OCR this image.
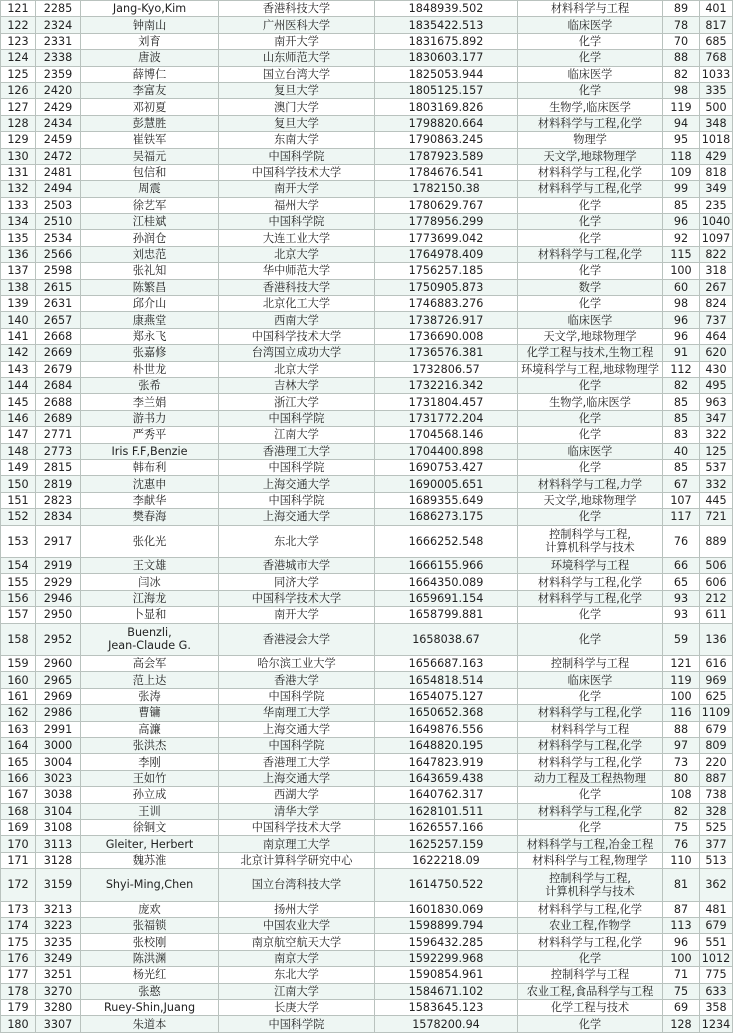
121	2285	Jang-Kyo,Kim	香港科技大学	1848939.502	材料科学与工程	89	401
122	2324	钟南山	广州医科大学	1835422.513	临床医学	78	817
123	2331	刘育	南开大学	1831675.892	化学	70	685
124	2338	唐波	山东师范大学	1830603.177	化学	88	768
125	2359	薛博仁	国立台湾大学	1825053.944	临床医学	82	1033
126	2420	李富友	复旦大学	1805125.157	化学	98	335
127	2429	邓初夏	澳门大学	1803169.826	生物学,临床医学	119	500
128	2434	彭慧胜	复旦大学	1798820.664	材料科学与工程,化学	94	348
129	2459	崔铁军	东南大学	1790863.245	物理学	95	1018
130	2472	吴福元	中国科学院	1787923.589	天文学,地球物理学	118	429
131	2481	包信和	中国科学技术大学	1784676.541	材料科学与工程,化学	109	818
132	2494	周震	南开大学	1782150.38	材料科学与工程,化学	99	349
133	2503	徐艺军	福州大学	1780629.767	化学	85	235
134	2510	江桂斌	中国科学院	1778956.299	化学	96	1040
135	2534	孙润仓	大连工业大学	1773699.042	化学	92	1097
136	2566	刘忠范	北京大学	1764978.409	材料科学与工程,化学	115	822
137	2598	张礼知	华中师范大学	1756257.185	化学	100	318
138	2615	陈繁昌	香港科技大学	1750905.873	数学	60	267
139	2631	邱介山	北京化工大学	1746883.276	化学	98	824
140	2657	康燕堂	西南大学	1738726.917	临床医学	96	737
141	2668	郑永飞	中国科学技术大学	1736690.008	天文学,地球物理学	96	464
142	2669	张嘉修	台湾国立成功大学	1736576.381	化学工程与技术,生物工程	91	620
143	2679	朴世龙	北京大学	1732806.57	环境科学与工程,地球物理学	112	430
144	2684	张希	吉林大学	1732216.342	化学	82	495
145	2688	李兰娟	浙江大学	1731804.457	生物学,临床医学	85	963
146	2689	游书力	中国科学院	1731772.204	化学	85	347
147	2771	严秀平	江南大学	1704568.146	化学	83	322
148	2773	Iris F.F,Benzie	香港理工大学	1704400.898	临床医学	40	125
149	2815	韩布利	中国科学院	1690753.427	化学	85	537
150	2819	沈惠申	上海交通大学	1690005.651	材料科学与工程,力学	67	332
151	2823	李献华	中国科学院	1689355.649	天文学,地球物理学	107	445
152	2834	樊春海	上海交通大学	1686273.175	化学	117	721
153	2917	张化光	东北大学	1666252.548	控制科学与工程,
计算机科学与技术	76	889
154	2919	王文雄	香港城市大学	1666155.966	环境科学与工程	66	506
155	2929	闫冰	同济大学	1664350.089	材料科学与工程,化学	65	606
156	2946	江海龙	中国科学技术大学	1659691.154	材料科学与工程,化学	93	212
157	2950	卜显和	南开大学	1658799.881	化学	93	611
158	2952	Buenzli,
Jean-Claude G.	香港浸会大学	1658038.67	化学	59	136
159	2960	高会军	哈尔滨工业大学	1656687.163	控制科学与工程	121	616
160	2965	范上达	香港大学	1654818.514	临床医学	119	969
161	2969	张涛	中国科学院	1654075.127	化学	100	625
162	2986	曹镛	华南理工大学	1650652.368	材料科学与工程,化学	116	1109
163	2991	高濂	上海交通大学	1649876.556	材料科学与工程	88	679
164	3000	张洪杰	中国科学院	1648820.195	材料科学与工程,化学	97	809
165	3004	李刚	香港理工大学	1647823.919	材料科学与工程,化学	73	220
166	3023	王如竹	上海交通大学	1643659.438	动力工程及工程热物理	80	887
167	3038	孙立成	西湖大学	1640762.317	化学	108	738
168	3104	王训	清华大学	1628101.511	材料科学与工程,化学	82	328
169	3108	徐铜文	中国科学技术大学	1626557.166	化学	75	525
170	3113	Gleiter, Herbert	南京理工大学	1625257.159	材料科学与工程,冶金工程	76	377
171	3128	魏苏淮	北京计算科学研究中心	1622218.09	材料科学与工程,物理学	110	513
172	3159	Shyi-Ming,Chen	国立台湾科技大学	1614750.522	控制科学与工程,
计算机科学与技术	81	362
173	3213	庞欢	扬州大学	1601830.069	材料科学与工程,化学	87	481
174	3223	张福锁	中国农业大学	1598899.794	农业工程,作物学	113	679
175	3235	张校刚	南京航空航天大学	1596432.285	材料科学与工程,化学	96	551
176	3249	陈洪渊	南京大学	1592299.968	化学	100	1012
177	3251	杨光红	东北大学	1590854.961	控制科学与工程	71	775
178	3270	张憨	江南大学	1584671.102	农业工程,食品科学与工程	75	633
179	3280	Ruey-Shin,Juang	长庚大学	1583645.123	化学工程与技术	69	358
180	3307	朱道本	中国科学院	1578200.94	化学	128	1234
